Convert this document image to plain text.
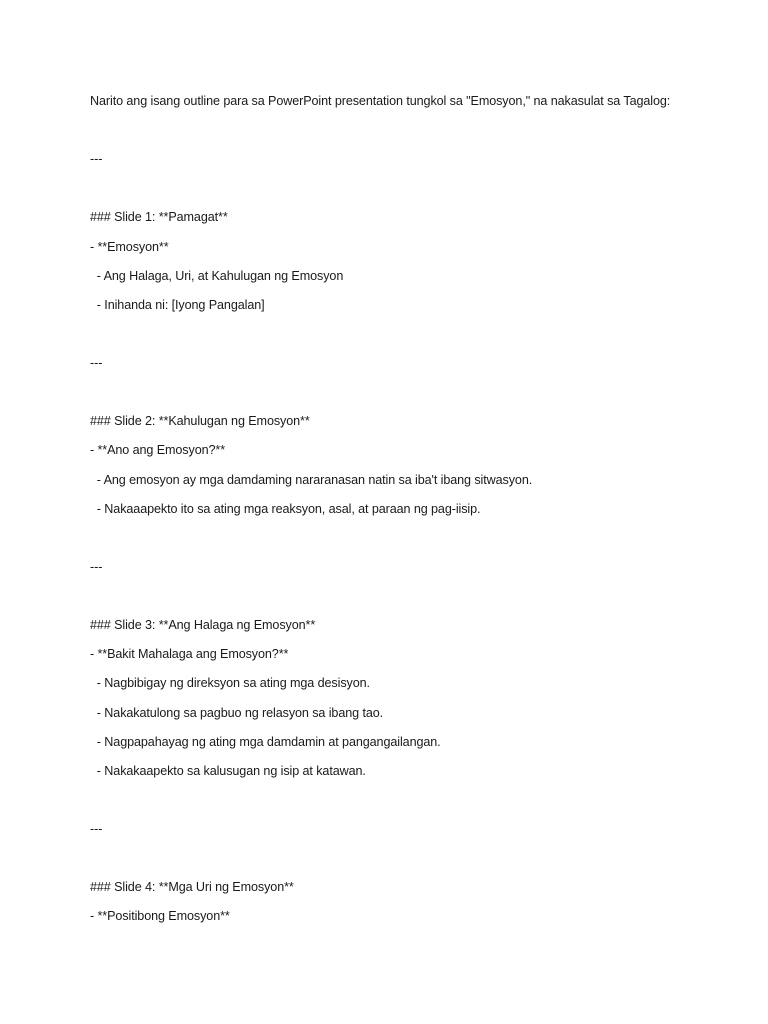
Narito ang isang outline para sa PowerPoint presentation tungkol sa "Emosyon," na nakasulat sa Tagalog:
---
### Slide 1: **Pamagat**
- **Emosyon**
- Ang Halaga, Uri, at Kahulugan ng Emosyon
- Inihanda ni: [Iyong Pangalan]
---
### Slide 2: **Kahulugan ng Emosyon**
- **Ano ang Emosyon?**
- Ang emosyon ay mga damdaming nararanasan natin sa iba't ibang sitwasyon.
- Nakaaapekto ito sa ating mga reaksyon, asal, at paraan ng pag-iisip.
---
### Slide 3: **Ang Halaga ng Emosyon**
- **Bakit Mahalaga ang Emosyon?**
- Nagbibigay ng direksyon sa ating mga desisyon.
- Nakakatulong sa pagbuo ng relasyon sa ibang tao.
- Nagpapahayag ng ating mga damdamin at pangangailangan.
- Nakakaapekto sa kalusugan ng isip at katawan.
---
### Slide 4: **Mga Uri ng Emosyon**
- **Positibong Emosyon**
